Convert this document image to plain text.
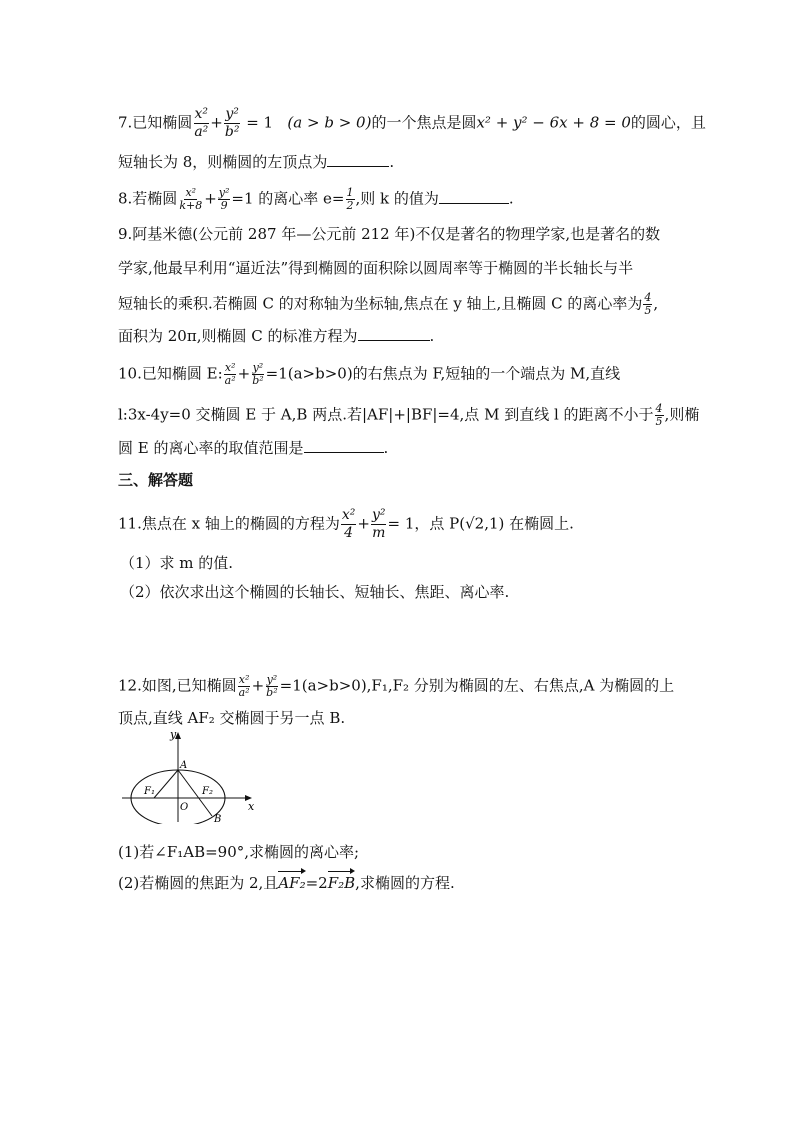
7.已知椭圆 $\frac{\text{x²}}{\text{a²}} + \frac{\text{y²}}{\text{b²}} = 1$ (a > b > 0)的一个焦点是圆x² + y² − 6x + 8 = 0的圆心，且
短轴长为 8，则椭圆的左顶点为	.
8.若椭圆 $\frac{\text{x²}}{k+8} + \frac{\text{y²}}{9} =1$ 的离心率 $e= \frac{1}{2}$ ,则 k 的值为	.
9.阿基米德(公元前 287 年—公元前 212 年)不仅是著名的物理学家,也是著名的数
学家,他最早利用“逼近法”得到椭圆的面积除以圆周率等于椭圆的半长轴长与半
短轴长的乘积.若椭圆 C 的对称轴为坐标轴,焦点在 y 轴上,且椭圆 C 的离心率为 $\frac{4}{5}$ ,
面积为 20π,则椭圆 C 的标准方程为	.
10.已知椭圆 E: $\frac{\text{x²}}{\text{a²}} + \frac{\text{y²}}{\text{b²}} =1(a>b>0)$的右焦点为 F,短轴的一个端点为 M,直线
l:3x-4y=0 交椭圆 E 于 A,B 两点.若|AF|+|BF|=4,点 M 到直线 l 的距离不小于 $\frac{4}{5}$ ,则椭
圆 E 的离心率的取值范围是	.
三、解答题
11.焦点在 x 轴上的椭圆的方程为 $\frac{\text{x²}}{4} + \frac{\text{y²}}{m} = 1$，点 P(√2,1) 在椭圆上.
（1）求 m 的值.
（2）依次求出这个椭圆的长轴长、短轴长、焦距、离心率.
12.如图,已知椭圆 $\frac{\text{x²}}{\text{a²}} + \frac{\text{y²}}{\text{b²}} =1(a>b>0),F_1,F_2$ 分别为椭圆的左、右焦点,A 为椭圆的上
顶点,直线 AF₂ 交椭圆于另一点 B.
y
x
A
O
F₁	F₂
B
(1)若∠F₁AB=90°,求椭圆的离心率;
(2)若椭圆的焦距为 2,且AF₂=2F₂B,求椭圆的方程.
